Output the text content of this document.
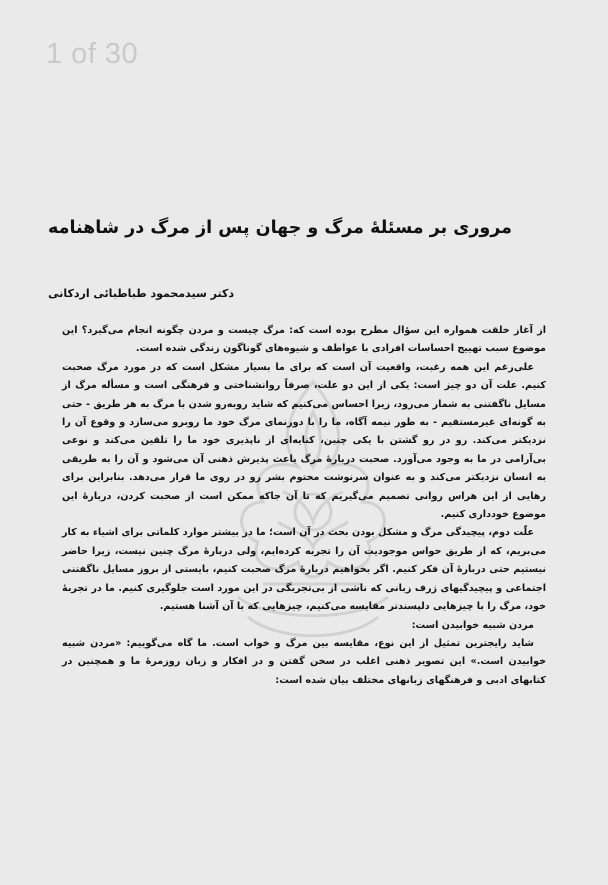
1 of 30
مروری بر مسئلهٔ مرگ و جهان پس از مرگ در شاهنامه
دکتر سیدمحمود طباطبائی اردکانی

از آغاز خلقت همواره این سؤال مطرح بوده است که: مرگ چیست و مردن چگونه انجام می‌گیرد؟ این موضوع سبب تهییج احساسات افرادی با عواطف و شیوه‌های گوناگون زندگی شده است.

علی‌رغم این همه رغبت، واقعیت آن است که برای ما بسیار مشکل است که در مورد مرگ صحبت کنیم. علت آن دو چیز است: یکی از این دو علت، صرفاً روانشناختی و فرهنگی است و مسأله مرگ از مسایل ناگفتنی به شمار می‌رود، زیرا احساس می‌کنیم که شاید روبه‌رو شدن با مرگ به هر طریق - حتی به گونه‌ای غیرمستقیم - به طور نیمه آگاه، ما را با دورنمای مرگ خود ما روبرو می‌سازد و وقوع آن را نزدیکتر می‌کند. رو در رو گشتن با یکی چنین، کنایه‌ای از ناپذیری خود ما را تلقین می‌کند و نوعی بی‌آرامی در ما به وجود می‌آورد. صحبت دربارهٔ مرگ باعث پذیرش ذهنی آن می‌شود و آن را به طریقی به انسان نزدیکتر می‌کند و به عنوان سرنوشت محتوم بشر رو در روی ما قرار می‌دهد. بنابراین برای رهایی از این هراس روانی تصمیم می‌گیریم که تا آن جاکه ممکن است از صحبت کردن، دربارهٔ این موضوع خودداری کنیم.

علّت دوم، پیچیدگی مرگ و مشکل بودن بحث در آن است؛ ما در بیشتر موارد کلماتی برای اشیاء به کار می‌بریم، که از طریق حواس موجودیت آن را تجربه کرده‌ایم، ولی دربارهٔ مرگ چنین نیست، زیرا حاضر نیستیم حتی دربارهٔ آن فکر کنیم. اگر بخواهیم دربارهٔ مرگ صحبت کنیم، بایستی از بروز مسایل ناگفتنی اجتماعی و پیچیدگیهای ژرف زبانی که ناشی از بی‌تجربگی در این مورد است جلوگیری کنیم. ما در تجربهٔ خود، مرگ را با چیزهایی دلپسندتر مقایسه می‌کنیم، چیزهایی که با آن آشنا هستیم.

مردن شبیه خوابیدن است:

شاید رایجترین تمثیل از این نوع، مقایسه بین مرگ و خواب است. ما گاه می‌گوییم: «مردن شبیه خوابیدن است.» این تصویر ذهنی اغلب در سخن گفتن و در افکار و زبان روزمرهٔ ما و همچنین در کتابهای ادبی و فرهنگهای زبانهای مختلف بیان شده است:
